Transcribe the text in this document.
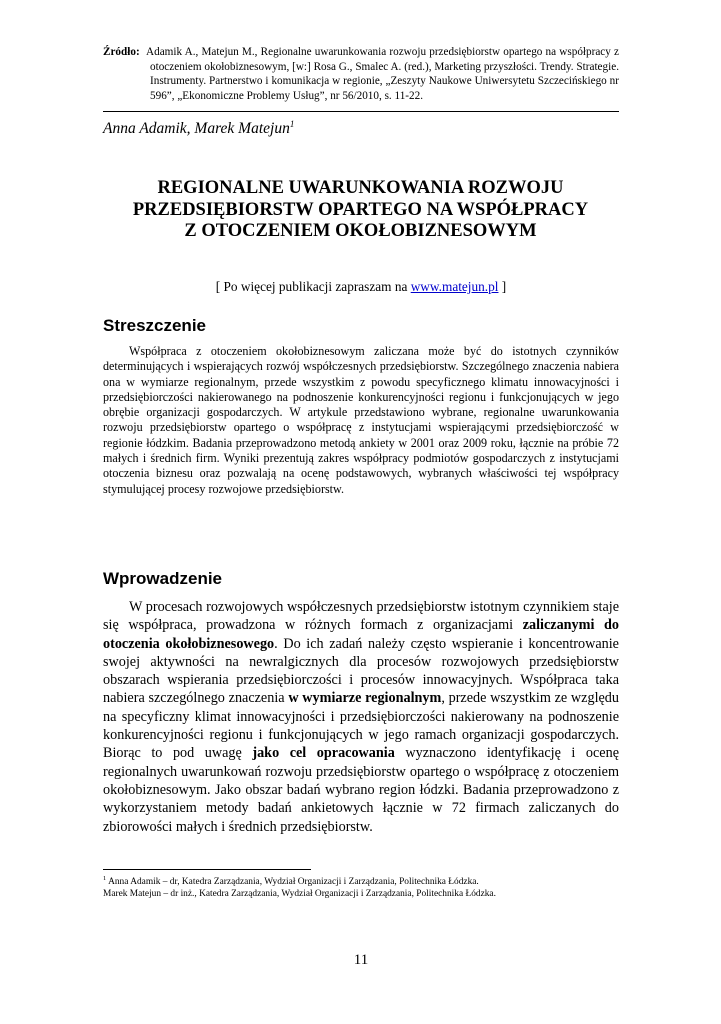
Źródło: Adamik A., Matejun M., Regionalne uwarunkowania rozwoju przedsiębiorstw opartego na współpracy z otoczeniem okołobiznesowym, [w:] Rosa G., Smalec A. (red.), Marketing przyszłości. Trendy. Strategie. Instrumenty. Partnerstwo i komunikacja w regionie, „Zeszyty Naukowe Uniwersytetu Szczecińskiego nr 596”, „Ekonomiczne Problemy Usług”, nr 56/2010, s. 11-22.
Anna Adamik, Marek Matejun$^1$
REGIONALNE UWARUNKOWANIA ROZWOJU
PRZEDSIĘBIORSTW OPARTEGO NA WSPÓŁPRACY
Z OTOCZENIEM OKOŁOBIZNESOWYM
[ Po więcej publikacji zapraszam na www.matejun.pl ]
Streszczenie

Współpraca z otoczeniem okołobiznesowym zaliczana może być do istotnych czynników determinujących i wspierających rozwój współczesnych przedsiębiorstw. Szczególnego znaczenia nabiera ona w wymiarze regionalnym, przede wszystkim z powodu specyficznego klimatu innowacyjności i przedsiębiorczości nakierowanego na podnoszenie konkurencyjności regionu i funkcjonujących w jego obrębie organizacji gospodarczych. W artykule przedstawiono wybrane, regionalne uwarunkowania rozwoju przedsiębiorstw opartego o współpracę z instytucjami wspierającymi przedsiębiorczość w regionie łódzkim. Badania przeprowadzono metodą ankiety w 2001 oraz 2009 roku, łącznie na próbie 72 małych i średnich firm. Wyniki prezentują zakres współpracy podmiotów gospodarczych z instytucjami otoczenia biznesu oraz pozwalają na ocenę podstawowych, wybranych właściwości tej współpracy stymulującej procesy rozwojowe przedsiębiorstw.

Wprowadzenie

W procesach rozwojowych współczesnych przedsiębiorstw istotnym czynnikiem staje się współpraca, prowadzona w różnych formach z organizacjami zaliczanymi do otoczenia okołobiznesowego. Do ich zadań należy często wspieranie i koncentrowanie swojej aktywności na newralgicznych dla procesów rozwojowych przedsiębiorstw obszarach wspierania przedsiębiorczości i procesów innowacyjnych. Współpraca taka nabiera szczególnego znaczenia w wymiarze regionalnym, przede wszystkim ze względu na specyficzny klimat innowacyjności i przedsiębiorczości nakierowany na podnoszenie konkurencyjności regionu i funkcjonujących w jego ramach organizacji gospodarczych. Biorąc to pod uwagę jako cel opracowania wyznaczono identyfikację i ocenę regionalnych uwarunkowań rozwoju przedsiębiorstw opartego o współpracę z otoczeniem okołobiznesowym. Jako obszar badań wybrano region łódzki. Badania przeprowadzono z wykorzystaniem metody badań ankietowych łącznie w 72 firmach zaliczanych do zbiorowości małych i średnich przedsiębiorstw.

$^1$ Anna Adamik – dr, Katedra Zarządzania, Wydział Organizacji i Zarządzania, Politechnika Łódzka.
Marek Matejun – dr inż., Katedra Zarządzania, Wydział Organizacji i Zarządzania, Politechnika Łódzka.
11
